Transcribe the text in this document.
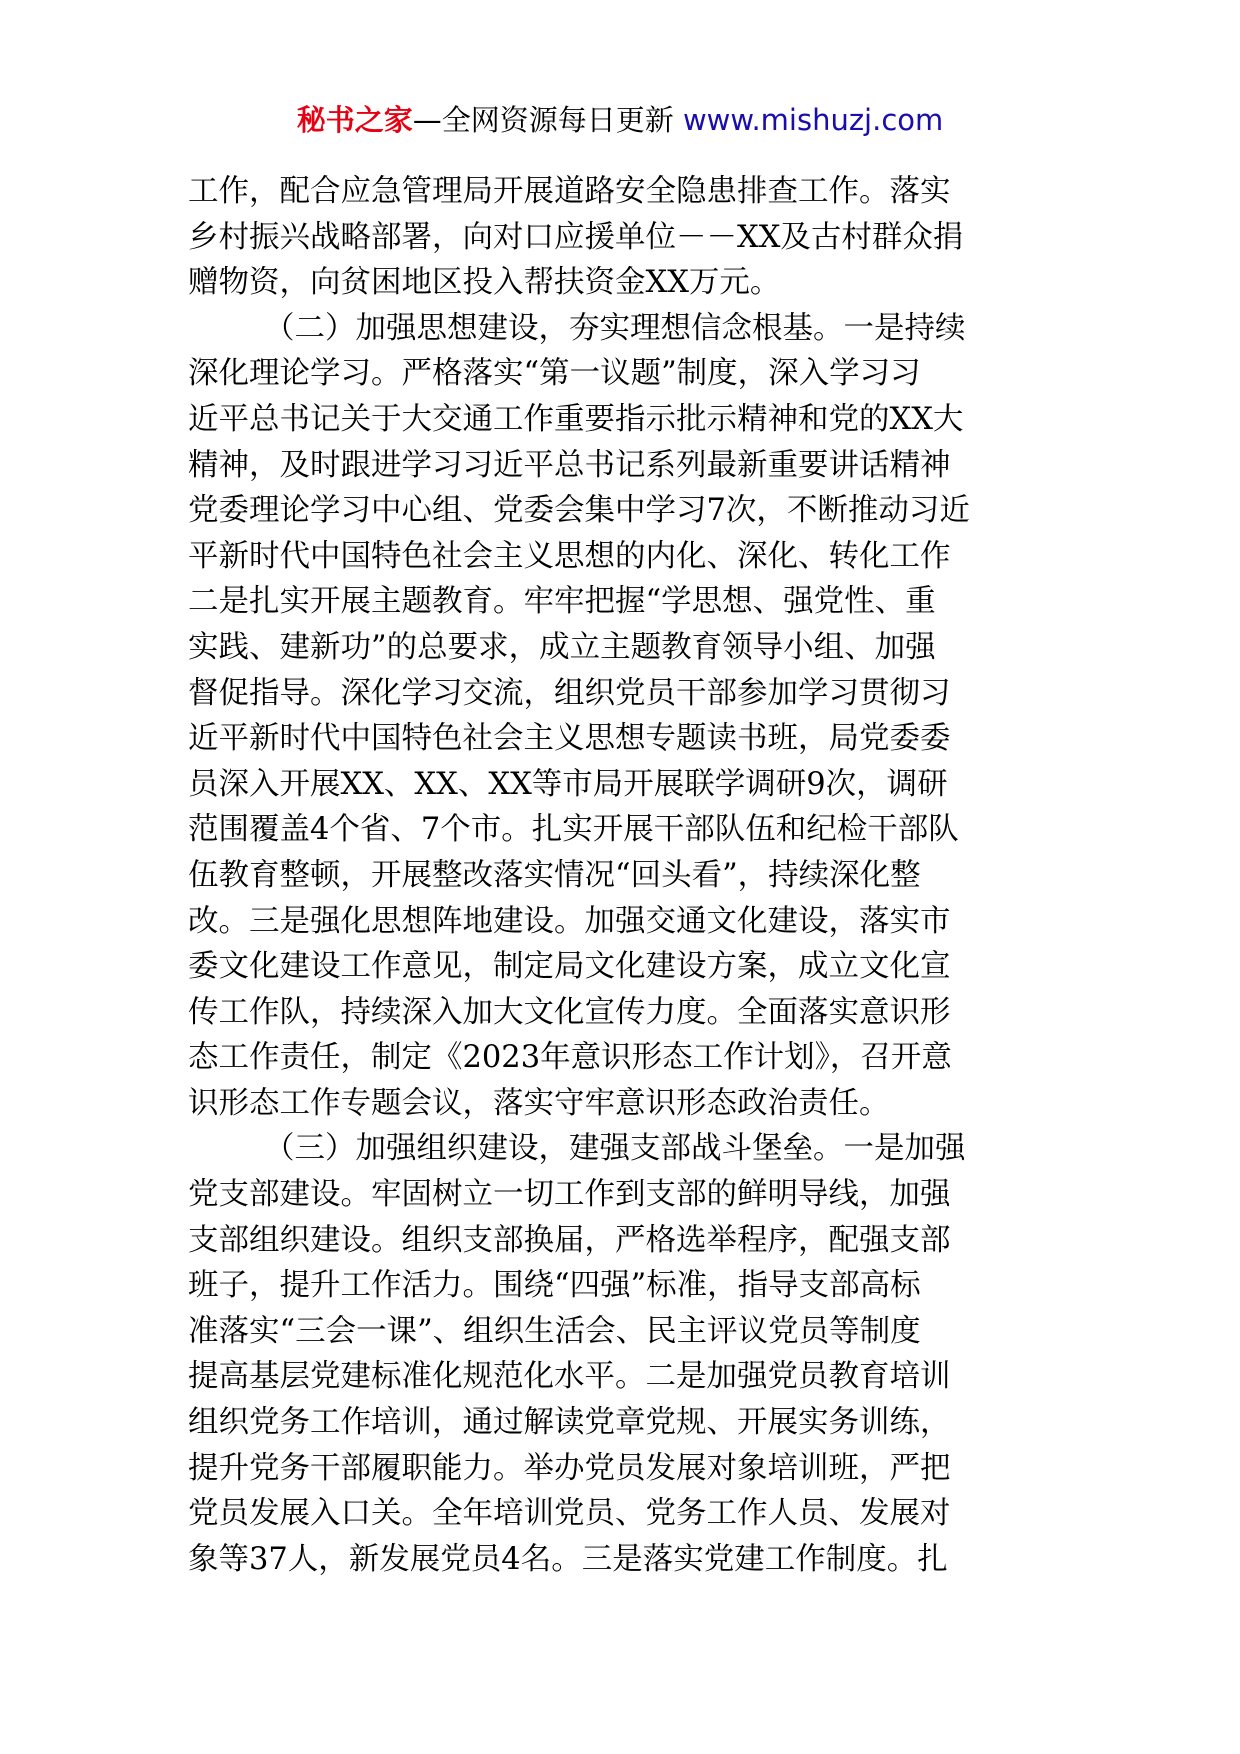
秘书之家—全网资源每日更新 www.mishuzj.com
工作，配合应急管理局开展道路安全隐患排查工作。落实
乡村振兴战略部署，向对口应援单位－－XX及古村群众捐
赠物资，向贫困地区投入帮扶资金XX万元。
（二）加强思想建设，夯实理想信念根基。一是持续
深化理论学习。严格落实“第一议题”制度，深入学习习
近平总书记关于大交通工作重要指示批示精神和党的XX大
精神，及时跟进学习习近平总书记系列最新重要讲话精神
党委理论学习中心组、党委会集中学习7次，不断推动习近
平新时代中国特色社会主义思想的内化、深化、转化工作
二是扎实开展主题教育。牢牢把握“学思想、强党性、重
实践、建新功”的总要求，成立主题教育领导小组、加强
督促指导。深化学习交流，组织党员干部参加学习贯彻习
近平新时代中国特色社会主义思想专题读书班，局党委委
员深入开展XX、XX、XX等市局开展联学调研9次，调研
范围覆盖4个省、7个市。扎实开展干部队伍和纪检干部队
伍教育整顿，开展整改落实情况“回头看”，持续深化整
改。三是强化思想阵地建设。加强交通文化建设，落实市
委文化建设工作意见，制定局文化建设方案，成立文化宣
传工作队，持续深入加大文化宣传力度。全面落实意识形
态工作责任，制定《2023年意识形态工作计划》，召开意
识形态工作专题会议，落实守牢意识形态政治责任。
（三）加强组织建设，建强支部战斗堡垒。一是加强
党支部建设。牢固树立一切工作到支部的鲜明导线，加强
支部组织建设。组织支部换届，严格选举程序，配强支部
班子，提升工作活力。围绕“四强”标准，指导支部高标
准落实“三会一课”、组织生活会、民主评议党员等制度
提高基层党建标准化规范化水平。二是加强党员教育培训
组织党务工作培训，通过解读党章党规、开展实务训练，
提升党务干部履职能力。举办党员发展对象培训班，严把
党员发展入口关。全年培训党员、党务工作人员、发展对
象等37人，新发展党员4名。三是落实党建工作制度。扎
